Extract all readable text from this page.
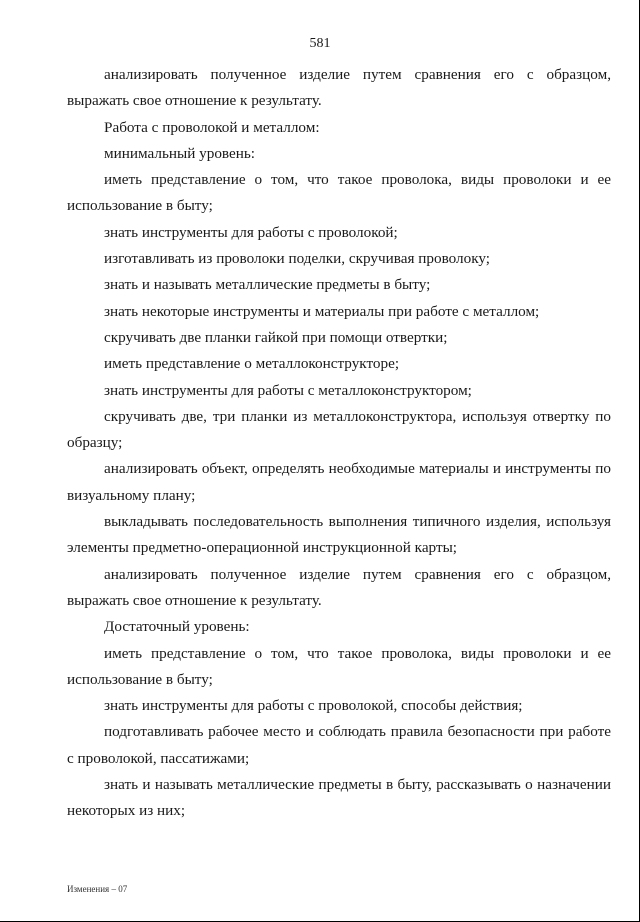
581

анализировать полученное изделие путем сравнения его с образцом, выражать свое отношение к результату.

Работа с проволокой и металлом:

минимальный уровень:

иметь представление о том, что такое проволока, виды проволоки и ее использование в быту;

знать инструменты для работы с проволокой;

изготавливать из проволоки поделки, скручивая проволоку;

знать и называть металлические предметы в быту;

знать некоторые инструменты и материалы при работе с металлом;

скручивать две планки гайкой при помощи отвертки;

иметь представление о металлоконструкторе;

знать инструменты для работы с металлоконструктором;

скручивать две, три планки из металлоконструктора, используя отвертку по образцу;

анализировать объект, определять необходимые материалы и инструменты по визуальному плану;

выкладывать последовательность выполнения типичного изделия, используя элементы предметно-операционной инструкционной карты;

анализировать полученное изделие путем сравнения его с образцом, выражать свое отношение к результату.

Достаточный уровень:

иметь представление о том, что такое проволока, виды проволоки и ее использование в быту;

знать инструменты для работы с проволокой, способы действия;

подготавливать рабочее место и соблюдать правила безопасности при работе с проволокой, пассатижами;

знать и называть металлические предметы в быту, рассказывать о назначении некоторых из них;

Изменения – 07
